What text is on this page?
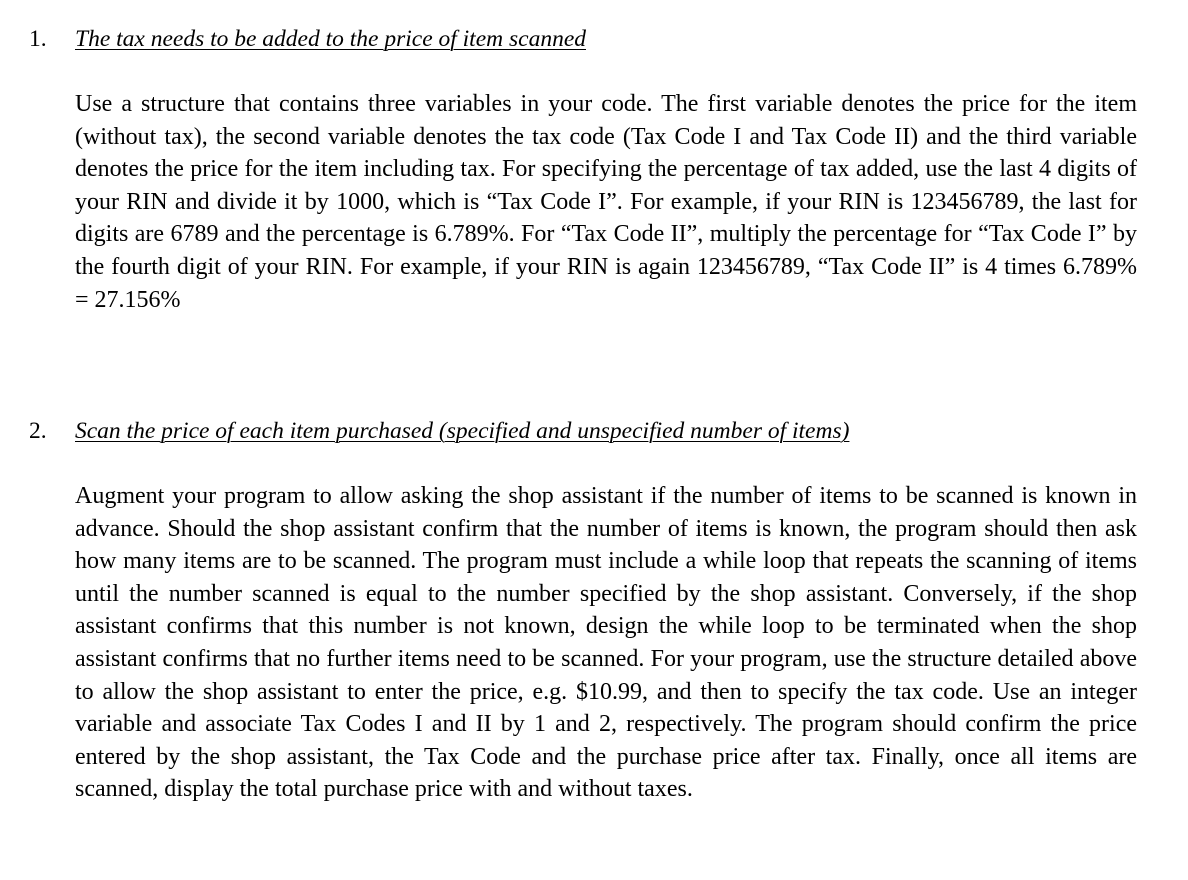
1. The tax needs to be added to the price of item scanned

Use a structure that contains three variables in your code. The first variable denotes the price for the item (without tax), the second variable denotes the tax code (Tax Code I and Tax Code II) and the third variable denotes the price for the item including tax. For specifying the percentage of tax added, use the last 4 digits of your RIN and divide it by 1000, which is “Tax Code I”. For example, if your RIN is 123456789, the last for digits are 6789 and the percentage is 6.789%. For “Tax Code II”, multiply the percentage for “Tax Code I” by the fourth digit of your RIN. For example, if your RIN is again 123456789, “Tax Code II” is 4 times 6.789% = 27.156%

2. Scan the price of each item purchased (specified and unspecified number of items)

Augment your program to allow asking the shop assistant if the number of items to be scanned is known in advance. Should the shop assistant confirm that the number of items is known, the program should then ask how many items are to be scanned. The program must include a while loop that repeats the scanning of items until the number scanned is equal to the number specified by the shop assistant. Conversely, if the shop assistant confirms that this number is not known, design the while loop to be terminated when the shop assistant confirms that no further items need to be scanned. For your program, use the structure detailed above to allow the shop assistant to enter the price, e.g. $10.99, and then to specify the tax code. Use an integer variable and associate Tax Codes I and II by 1 and 2, respectively. The program should confirm the price entered by the shop assistant, the Tax Code and the purchase price after tax. Finally, once all items are scanned, display the total purchase price with and without taxes.
